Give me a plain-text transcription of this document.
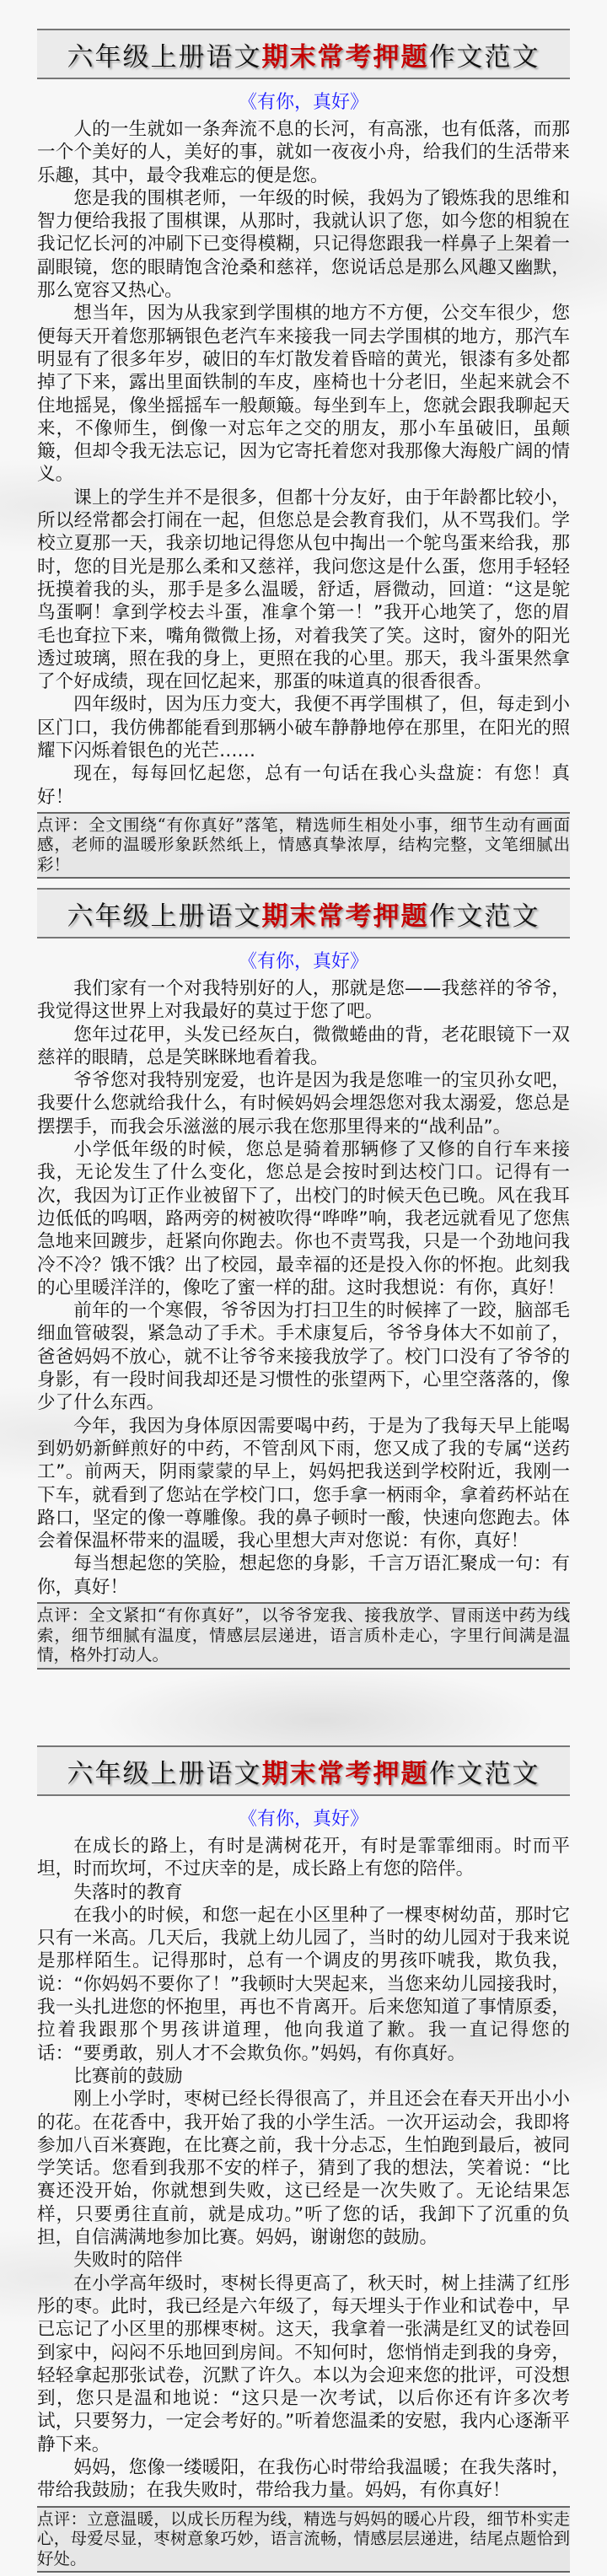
六年级上册语文 期末常考押题 作文范文
《有你，真好》

人的一生就如一条奔流不息的长河，有高涨，也有低落，而那一个个美好的人，美好的事，就如一夜夜小舟，给我们的生活带来乐趣，其中，最令我难忘的便是您。

您是我的围棋老师，一年级的时候，我妈为了锻炼我的思维和智力便给我报了围棋课，从那时，我就认识了您，如今您的相貌在我记忆长河的冲刷下已变得模糊，只记得您跟我一样鼻子上架着一副眼镜，您的眼睛饱含沧桑和慈祥，您说话总是那么风趣又幽默，那么宽容又热心。

想当年，因为从我家到学围棋的地方不方便，公交车很少，您便每天开着您那辆银色老汽车来接我一同去学围棋的地方，那汽车明显有了很多年岁，破旧的车灯散发着昏暗的黄光，银漆有多处都掉了下来，露出里面铁制的车皮，座椅也十分老旧，坐起来就会不住地摇晃，像坐摇摇车一般颠簸。每坐到车上，您就会跟我聊起天来，不像师生，倒像一对忘年之交的朋友，那小车虽破旧，虽颠簸，但却令我无法忘记，因为它寄托着您对我那像大海般广阔的情义。

课上的学生并不是很多，但都十分友好，由于年龄都比较小，所以经常都会打闹在一起，但您总是会教育我们，从不骂我们。学校立夏那一天，我亲切地记得您从包中掏出一个鸵鸟蛋来给我，那时，您的目光是那么柔和又慈祥，我问您这是什么蛋，您用手轻轻抚摸着我的头，那手是多么温暖，舒适，唇微动，回道：“这是鸵鸟蛋啊！拿到学校去斗蛋，准拿个第一！”我开心地笑了，您的眉毛也耷拉下来，嘴角微微上扬，对着我笑了笑。这时，窗外的阳光透过玻璃，照在我的身上，更照在我的心里。那天，我斗蛋果然拿了个好成绩，现在回忆起来，那蛋的味道真的很香很香。

四年级时，因为压力变大，我便不再学围棋了，但，每走到小区门口，我仿佛都能看到那辆小破车静静地停在那里，在阳光的照耀下闪烁着银色的光芒……

现在，每每回忆起您，总有一句话在我心头盘旋：有您！真好！

点评：全文围绕“有你真好”落笔，精选师生相处小事，细节生动有画面感，老师的温暖形象跃然纸上，情感真挚浓厚，结构完整，文笔细腻出彩！
六年级上册语文 期末常考押题 作文范文
《有你，真好》

我们家有一个对我特别好的人，那就是您——我慈祥的爷爷，我觉得这世界上对我最好的莫过于您了吧。

您年过花甲，头发已经灰白，微微蜷曲的背，老花眼镜下一双慈祥的眼睛，总是笑眯眯地看着我。

爷爷您对我特别宠爱，也许是因为我是您唯一的宝贝孙女吧，我要什么您就给我什么，有时候妈妈会埋怨您对我太溺爱，您总是摆摆手，而我会乐滋滋的展示我在您那里得来的“战利品”。

小学低年级的时候，您总是骑着那辆修了又修的自行车来接我，无论发生了什么变化，您总是会按时到达校门口。记得有一次，我因为订正作业被留下了，出校门的时候天色已晚。风在我耳边低低的呜咽，路两旁的树被吹得“哗哗”响，我老远就看见了您焦急地来回踱步，赶紧向你跑去。你也不责骂我，只是一个劲地问我冷不冷？饿不饿？出了校园，最幸福的还是投入你的怀抱。此刻我的心里暖洋洋的，像吃了蜜一样的甜。这时我想说：有你，真好！

前年的一个寒假，爷爷因为打扫卫生的时候摔了一跤，脑部毛细血管破裂，紧急动了手术。手术康复后，爷爷身体大不如前了，爸爸妈妈不放心，就不让爷爷来接我放学了。校门口没有了爷爷的身影，有一段时间我却还是习惯性的张望两下，心里空落落的，像少了什么东西。

今年，我因为身体原因需要喝中药，于是为了我每天早上能喝到奶奶新鲜煎好的中药，不管刮风下雨，您又成了我的专属“送药工”。前两天，阴雨蒙蒙的早上，妈妈把我送到学校附近，我刚一下车，就看到了您站在学校门口，您手拿一柄雨伞，拿着药杯站在路口，坚定的像一尊雕像。我的鼻子顿时一酸，快速向您跑去。体会着保温杯带来的温暖，我心里想大声对您说：有你，真好！

每当想起您的笑脸，想起您的身影，千言万语汇聚成一句：有你，真好！

点评：全文紧扣“有你真好”，以爷爷宠我、接我放学、冒雨送中药为线索，细节细腻有温度，情感层层递进，语言质朴走心，字里行间满是温情，格外打动人。
六年级上册语文 期末常考押题 作文范文
《有你，真好》

在成长的路上，有时是满树花开，有时是霏霏细雨。时而平坦，时而坎坷，不过庆幸的是，成长路上有您的陪伴。

失落时的教育

在我小的时候，和您一起在小区里种了一棵枣树幼苗，那时它只有一米高。几天后，我就上幼儿园了，当时的幼儿园对于我来说是那样陌生。记得那时，总有一个调皮的男孩吓唬我，欺负我，说：“你妈妈不要你了！”我顿时大哭起来，当您来幼儿园接我时，我一头扎进您的怀抱里，再也不肯离开。后来您知道了事情原委，拉着我跟那个男孩讲道理，他向我道了歉。我一直记得您的话：“要勇敢，别人才不会欺负你。”妈妈，有你真好。

比赛前的鼓励

刚上小学时，枣树已经长得很高了，并且还会在春天开出小小的花。在花香中，我开始了我的小学生活。一次开运动会，我即将参加八百米赛跑，在比赛之前，我十分忐忑，生怕跑到最后，被同学笑话。您看到我那不安的样子，猜到了我的想法，笑着说：“比赛还没开始，你就想到失败，这已经是一次失败了。无论结果怎样，只要勇往直前，就是成功。”听了您的话，我卸下了沉重的负担，自信满满地参加比赛。妈妈，谢谢您的鼓励。

失败时的陪伴

在小学高年级时，枣树长得更高了，秋天时，树上挂满了红彤彤的枣。此时，我已经是六年级了，每天埋头于作业和试卷中，早已忘记了小区里的那棵枣树。这天，我拿着一张满是红叉的试卷回到家中，闷闷不乐地回到房间。不知何时，您悄悄走到我的身旁，轻轻拿起那张试卷，沉默了许久。本以为会迎来您的批评，可没想到，您只是温和地说：“这只是一次考试，以后你还有许多次考试，只要努力，一定会考好的。”听着您温柔的安慰，我内心逐渐平静下来。

妈妈，您像一缕暖阳，在我伤心时带给我温暖；在我失落时，带给我鼓励；在我失败时，带给我力量。妈妈，有你真好！

点评：立意温暖，以成长历程为线，精选与妈妈的暖心片段，细节朴实走心，母爱尽显，枣树意象巧妙，语言流畅，情感层层递进，结尾点题恰到好处。
